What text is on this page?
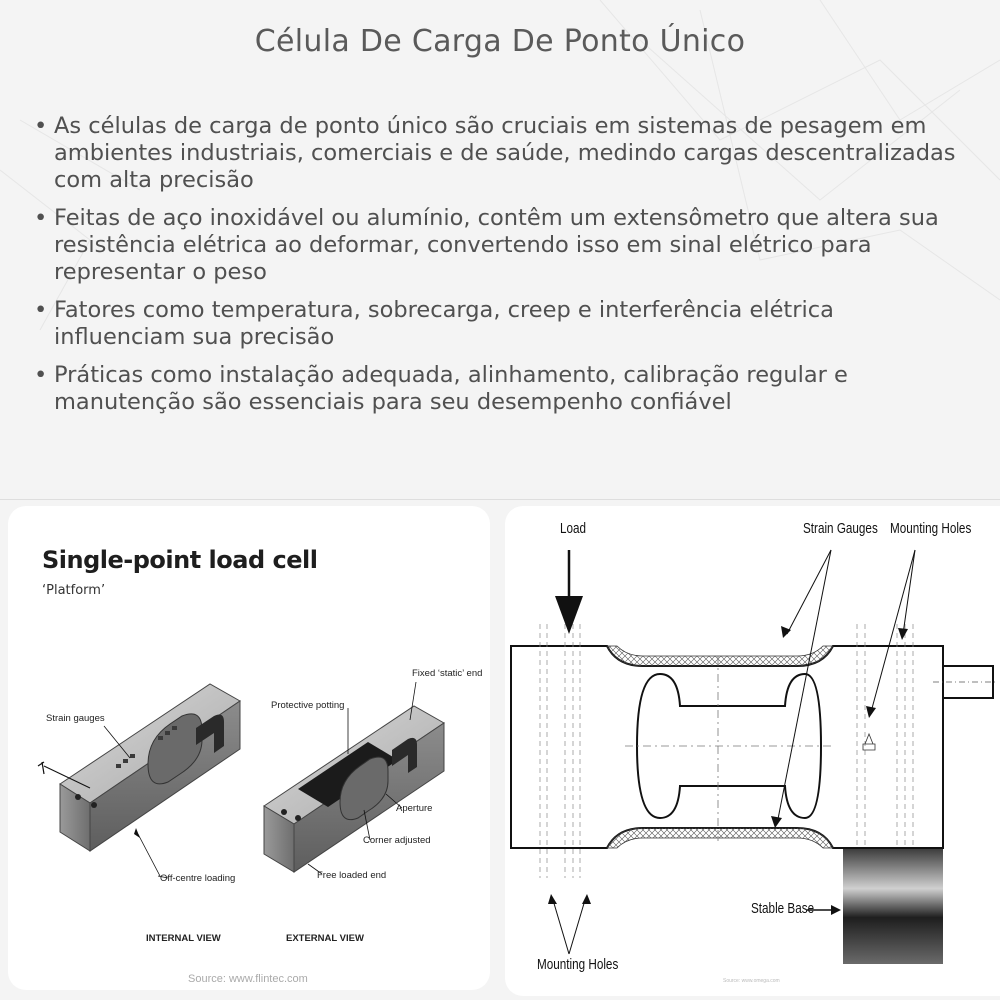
Célula De Carga De Ponto Único
• As células de carga de ponto único são cruciais em sistemas de pesagem em ambientes industriais, comerciais e de saúde, medindo cargas descentralizadas com alta precisão
• Feitas de aço inoxidável ou alumínio, contêm um extensômetro que altera sua resistência elétrica ao deformar, convertendo isso em sinal elétrico para representar o peso
• Fatores como temperatura, sobrecarga, creep e interferência elétrica influenciam sua precisão
• Práticas como instalação adequada, alinhamento, calibração regular e manutenção são essenciais para seu desempenho confiável
Single-point load cell
‘Platform’
Strain gauges
Protective potting
Fixed ‘static’ end
Aperture
Corner adjusted
Free loaded end
Off-centre loading
INTERNAL VIEW	EXTERNAL VIEW
Source: www.flintec.com
Load	Strain Gauges Mounting Holes
Stable Base
Mounting Holes
Source: www.omega.com
